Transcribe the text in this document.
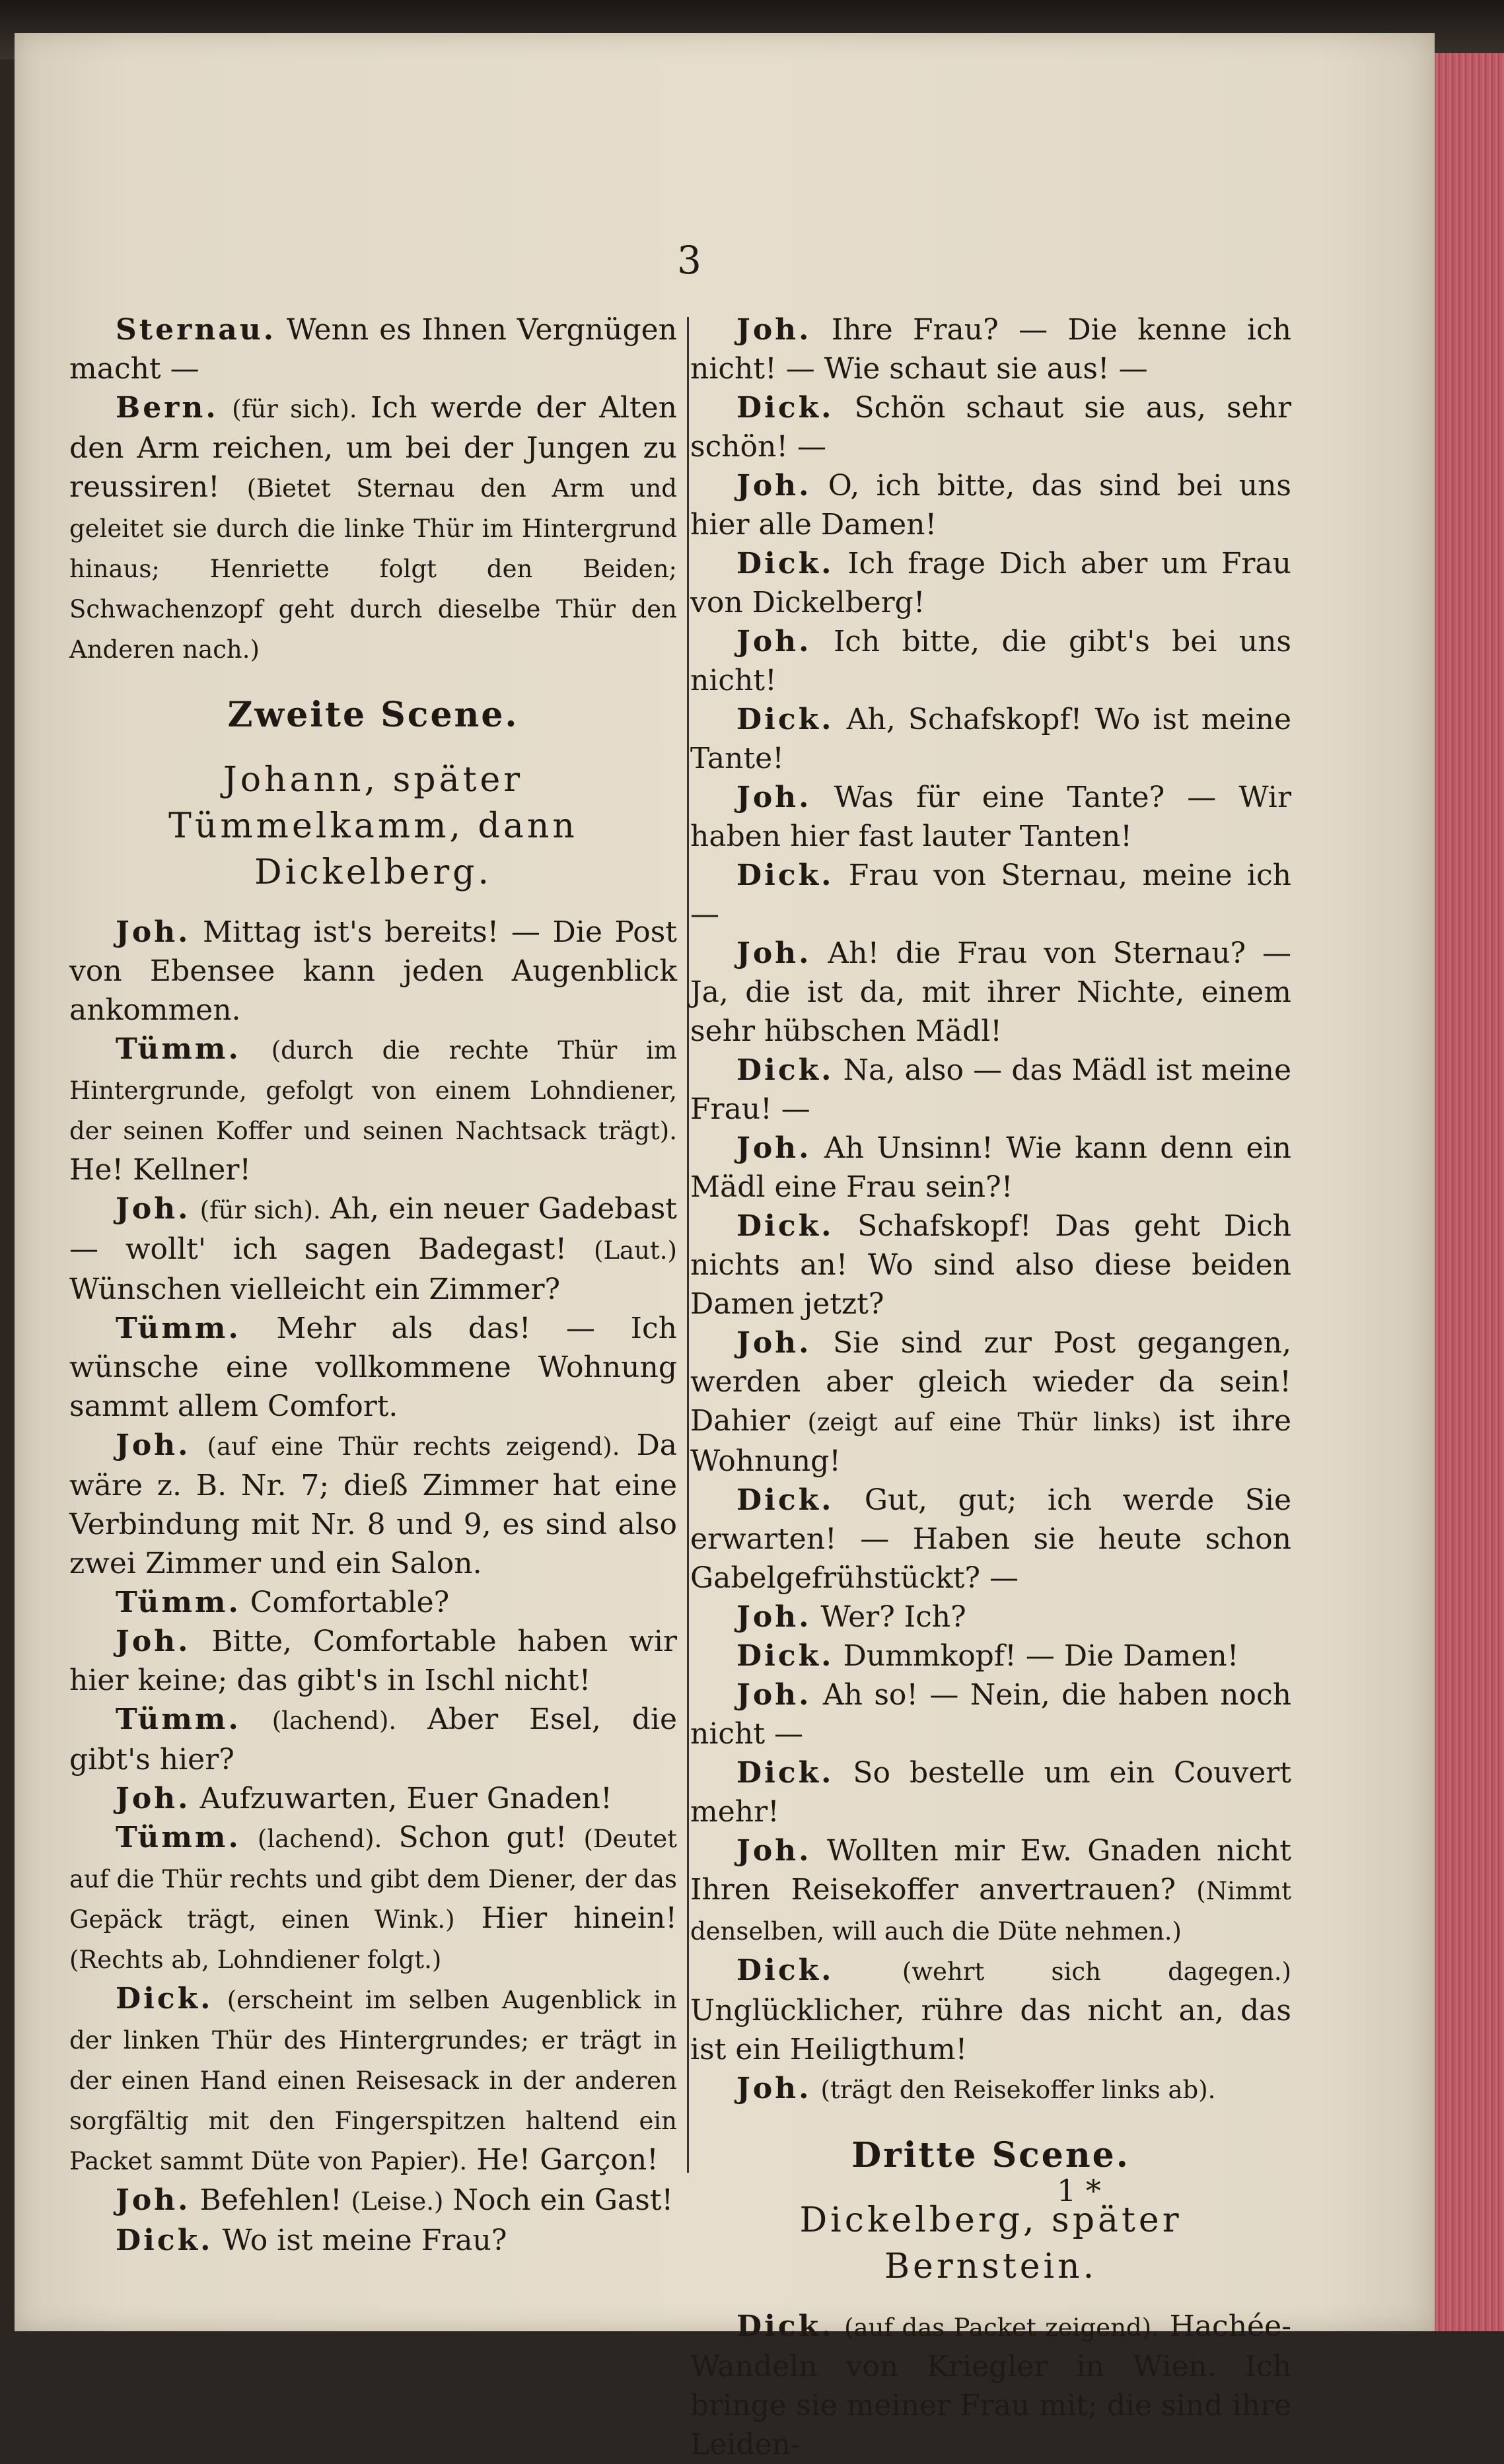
3

Sternau. Wenn es Ihnen Vergnügen macht —

Bern. (für sich). Ich werde der Alten den Arm reichen, um bei der Jungen zu reussiren! (Bietet Sternau den Arm und geleitet sie durch die linke Thür im Hintergrund hinaus; Henriette folgt den Beiden; Schwachenzopf geht durch dieselbe Thür den Anderen nach.)

Zweite Scene.

Johann, später Tümmelkamm, dann Dickelberg.

Joh. Mittag ist's bereits! — Die Post von Ebensee kann jeden Augenblick ankommen.

Tümm. (durch die rechte Thür im Hintergrunde, gefolgt von einem Lohndiener, der seinen Koffer und seinen Nachtsack trägt). He! Kellner!

Joh. (für sich). Ah, ein neuer Gadebast — wollt' ich sagen Badegast! (Laut.) Wünschen vielleicht ein Zimmer?

Tümm. Mehr als das! — Ich wünsche eine vollkommene Wohnung sammt allem Comfort.

Joh. (auf eine Thür rechts zeigend). Da wäre z. B. Nr. 7; dieß Zimmer hat eine Verbindung mit Nr. 8 und 9, es sind also zwei Zimmer und ein Salon.

Tümm. Comfortable?

Joh. Bitte, Comfortable haben wir hier keine; das gibt's in Ischl nicht!

Tümm. (lachend). Aber Esel, die gibt's hier?

Joh. Aufzuwarten, Euer Gnaden!

Tümm. (lachend). Schon gut! (Deutet auf die Thür rechts und gibt dem Diener, der das Gepäck trägt, einen Wink.) Hier hinein! (Rechts ab, Lohndiener folgt.)

Dick. (erscheint im selben Augenblick in der linken Thür des Hintergrundes; er trägt in der einen Hand einen Reisesack in der anderen sorgfältig mit den Fingerspitzen haltend ein Packet sammt Düte von Papier). He! Garçon!

Joh. Befehlen! (Leise.) Noch ein Gast!

Dick. Wo ist meine Frau?

Joh. Ihre Frau? — Die kenne ich nicht! — Wie schaut sie aus! —

Dick. Schön schaut sie aus, sehr schön! —

Joh. O, ich bitte, das sind bei uns hier alle Damen!

Dick. Ich frage Dich aber um Frau von Dickelberg!

Joh. Ich bitte, die gibt's bei uns nicht!

Dick. Ah, Schafskopf! Wo ist meine Tante!

Joh. Was für eine Tante? — Wir haben hier fast lauter Tanten!

Dick. Frau von Sternau, meine ich —

Joh. Ah! die Frau von Sternau? — Ja, die ist da, mit ihrer Nichte, einem sehr hübschen Mädl!

Dick. Na, also — das Mädl ist meine Frau! —

Joh. Ah Unsinn! Wie kann denn ein Mädl eine Frau sein?!

Dick. Schafskopf! Das geht Dich nichts an! Wo sind also diese beiden Damen jetzt?

Joh. Sie sind zur Post gegangen, werden aber gleich wieder da sein! Dahier (zeigt auf eine Thür links) ist ihre Wohnung!

Dick. Gut, gut; ich werde Sie erwarten! — Haben sie heute schon Gabelgefrühstückt? —

Joh. Wer? Ich?

Dick. Dummkopf! — Die Damen!

Joh. Ah so! — Nein, die haben noch nicht —

Dick. So bestelle um ein Couvert mehr!

Joh. Wollten mir Ew. Gnaden nicht Ihren Reisekoffer anvertrauen? (Nimmt denselben, will auch die Düte nehmen.)

Dick.	(wehrt sich dagegen.) Unglücklicher, rühre das nicht an, das ist ein Heiligthum!

Joh. (trägt den Reisekoffer links ab).

Dritte Scene.

Dickelberg, später Bernstein.

Dick. (auf das Packet zeigend). Hachée-Wandeln von Kriegler in Wien. Ich bringe sie meiner Frau mit; die sind ihre Leiden-

1 *
